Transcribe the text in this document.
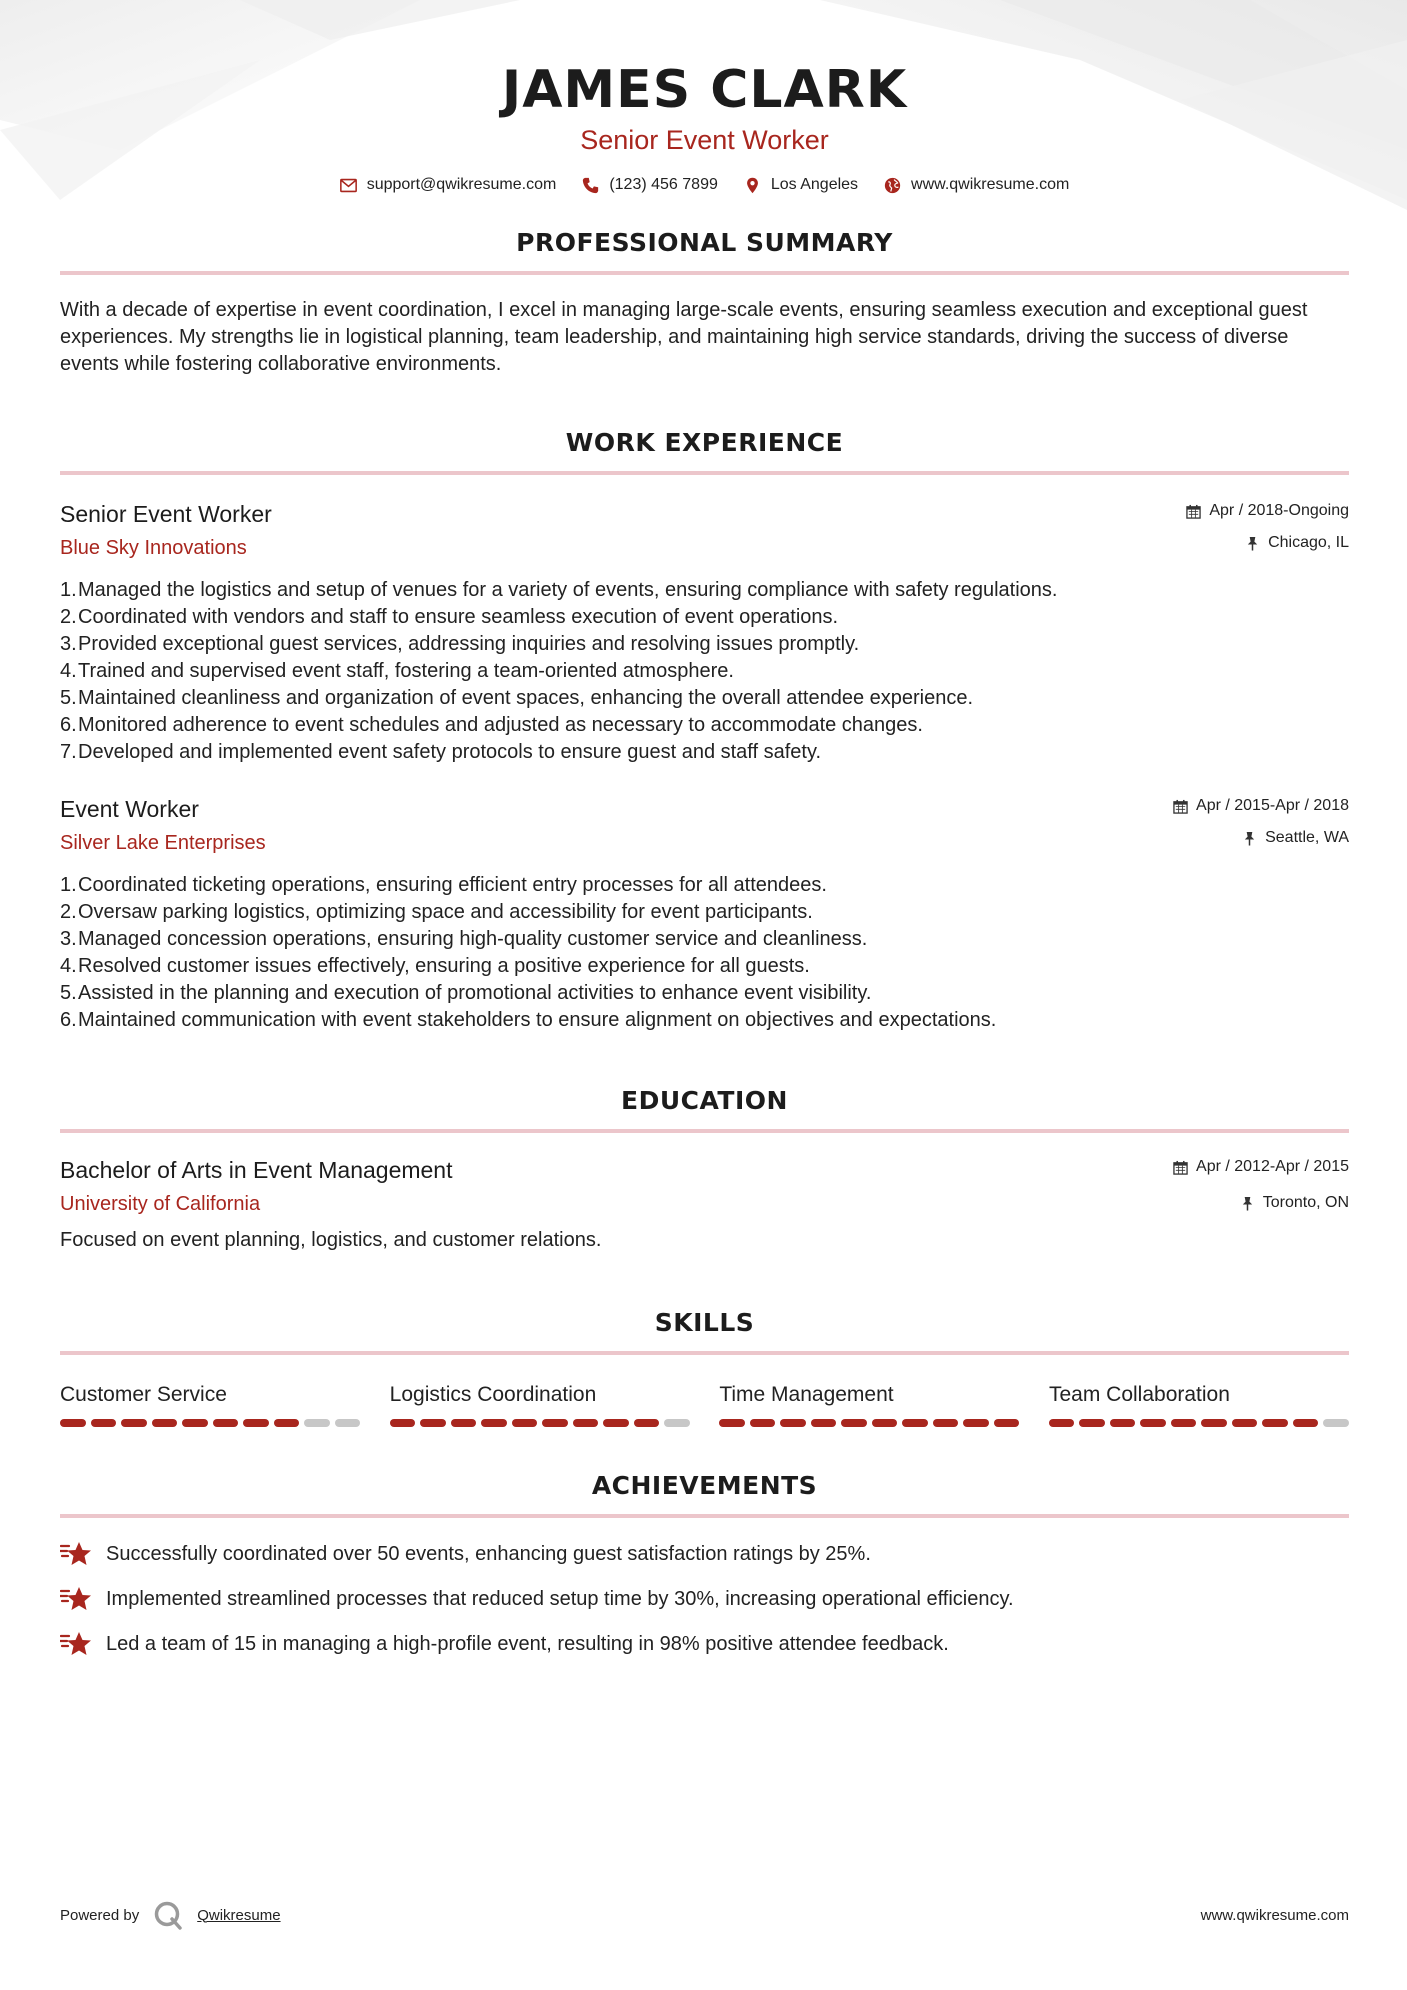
JAMES CLARK
Senior Event Worker
support@qwikresume.com	(123) 456 7899	Los Angeles	www.qwikresume.com
PROFESSIONAL SUMMARY

With a decade of expertise in event coordination, I excel in managing large-scale events, ensuring seamless execution and exceptional guest experiences. My strengths lie in logistical planning, team leadership, and maintaining high service standards, driving the success of diverse events while fostering collaborative environments.

WORK EXPERIENCE
Senior Event Worker
Blue Sky Innovations
Apr / 2018-Ongoing
Chicago, IL
1. Managed the logistics and setup of venues for a variety of events, ensuring compliance with safety regulations.
2. Coordinated with vendors and staff to ensure seamless execution of event operations.
3. Provided exceptional guest services, addressing inquiries and resolving issues promptly.
4. Trained and supervised event staff, fostering a team-oriented atmosphere.
5. Maintained cleanliness and organization of event spaces, enhancing the overall attendee experience.
6. Monitored adherence to event schedules and adjusted as necessary to accommodate changes.
7. Developed and implemented event safety protocols to ensure guest and staff safety.
Event Worker
Silver Lake Enterprises
Apr / 2015-Apr / 2018
Seattle, WA
1. Coordinated ticketing operations, ensuring efficient entry processes for all attendees.
2. Oversaw parking logistics, optimizing space and accessibility for event participants.
3. Managed concession operations, ensuring high-quality customer service and cleanliness.
4. Resolved customer issues effectively, ensuring a positive experience for all guests.
5. Assisted in the planning and execution of promotional activities to enhance event visibility.
6. Maintained communication with event stakeholders to ensure alignment on objectives and expectations.
EDUCATION
Bachelor of Arts in Event Management
University of California
Apr / 2012-Apr / 2015
Toronto, ON

Focused on event planning, logistics, and customer relations.

SKILLS
Customer Service	Logistics Coordination	Time Management	Team Collaboration
ACHIEVEMENTS
Successfully coordinated over 50 events, enhancing guest satisfaction ratings by 25%.
Implemented streamlined processes that reduced setup time by 30%, increasing operational efficiency.
Led a team of 15 in managing a high-profile event, resulting in 98% positive attendee feedback.
Powered by	Qwikresume	www.qwikresume.com
